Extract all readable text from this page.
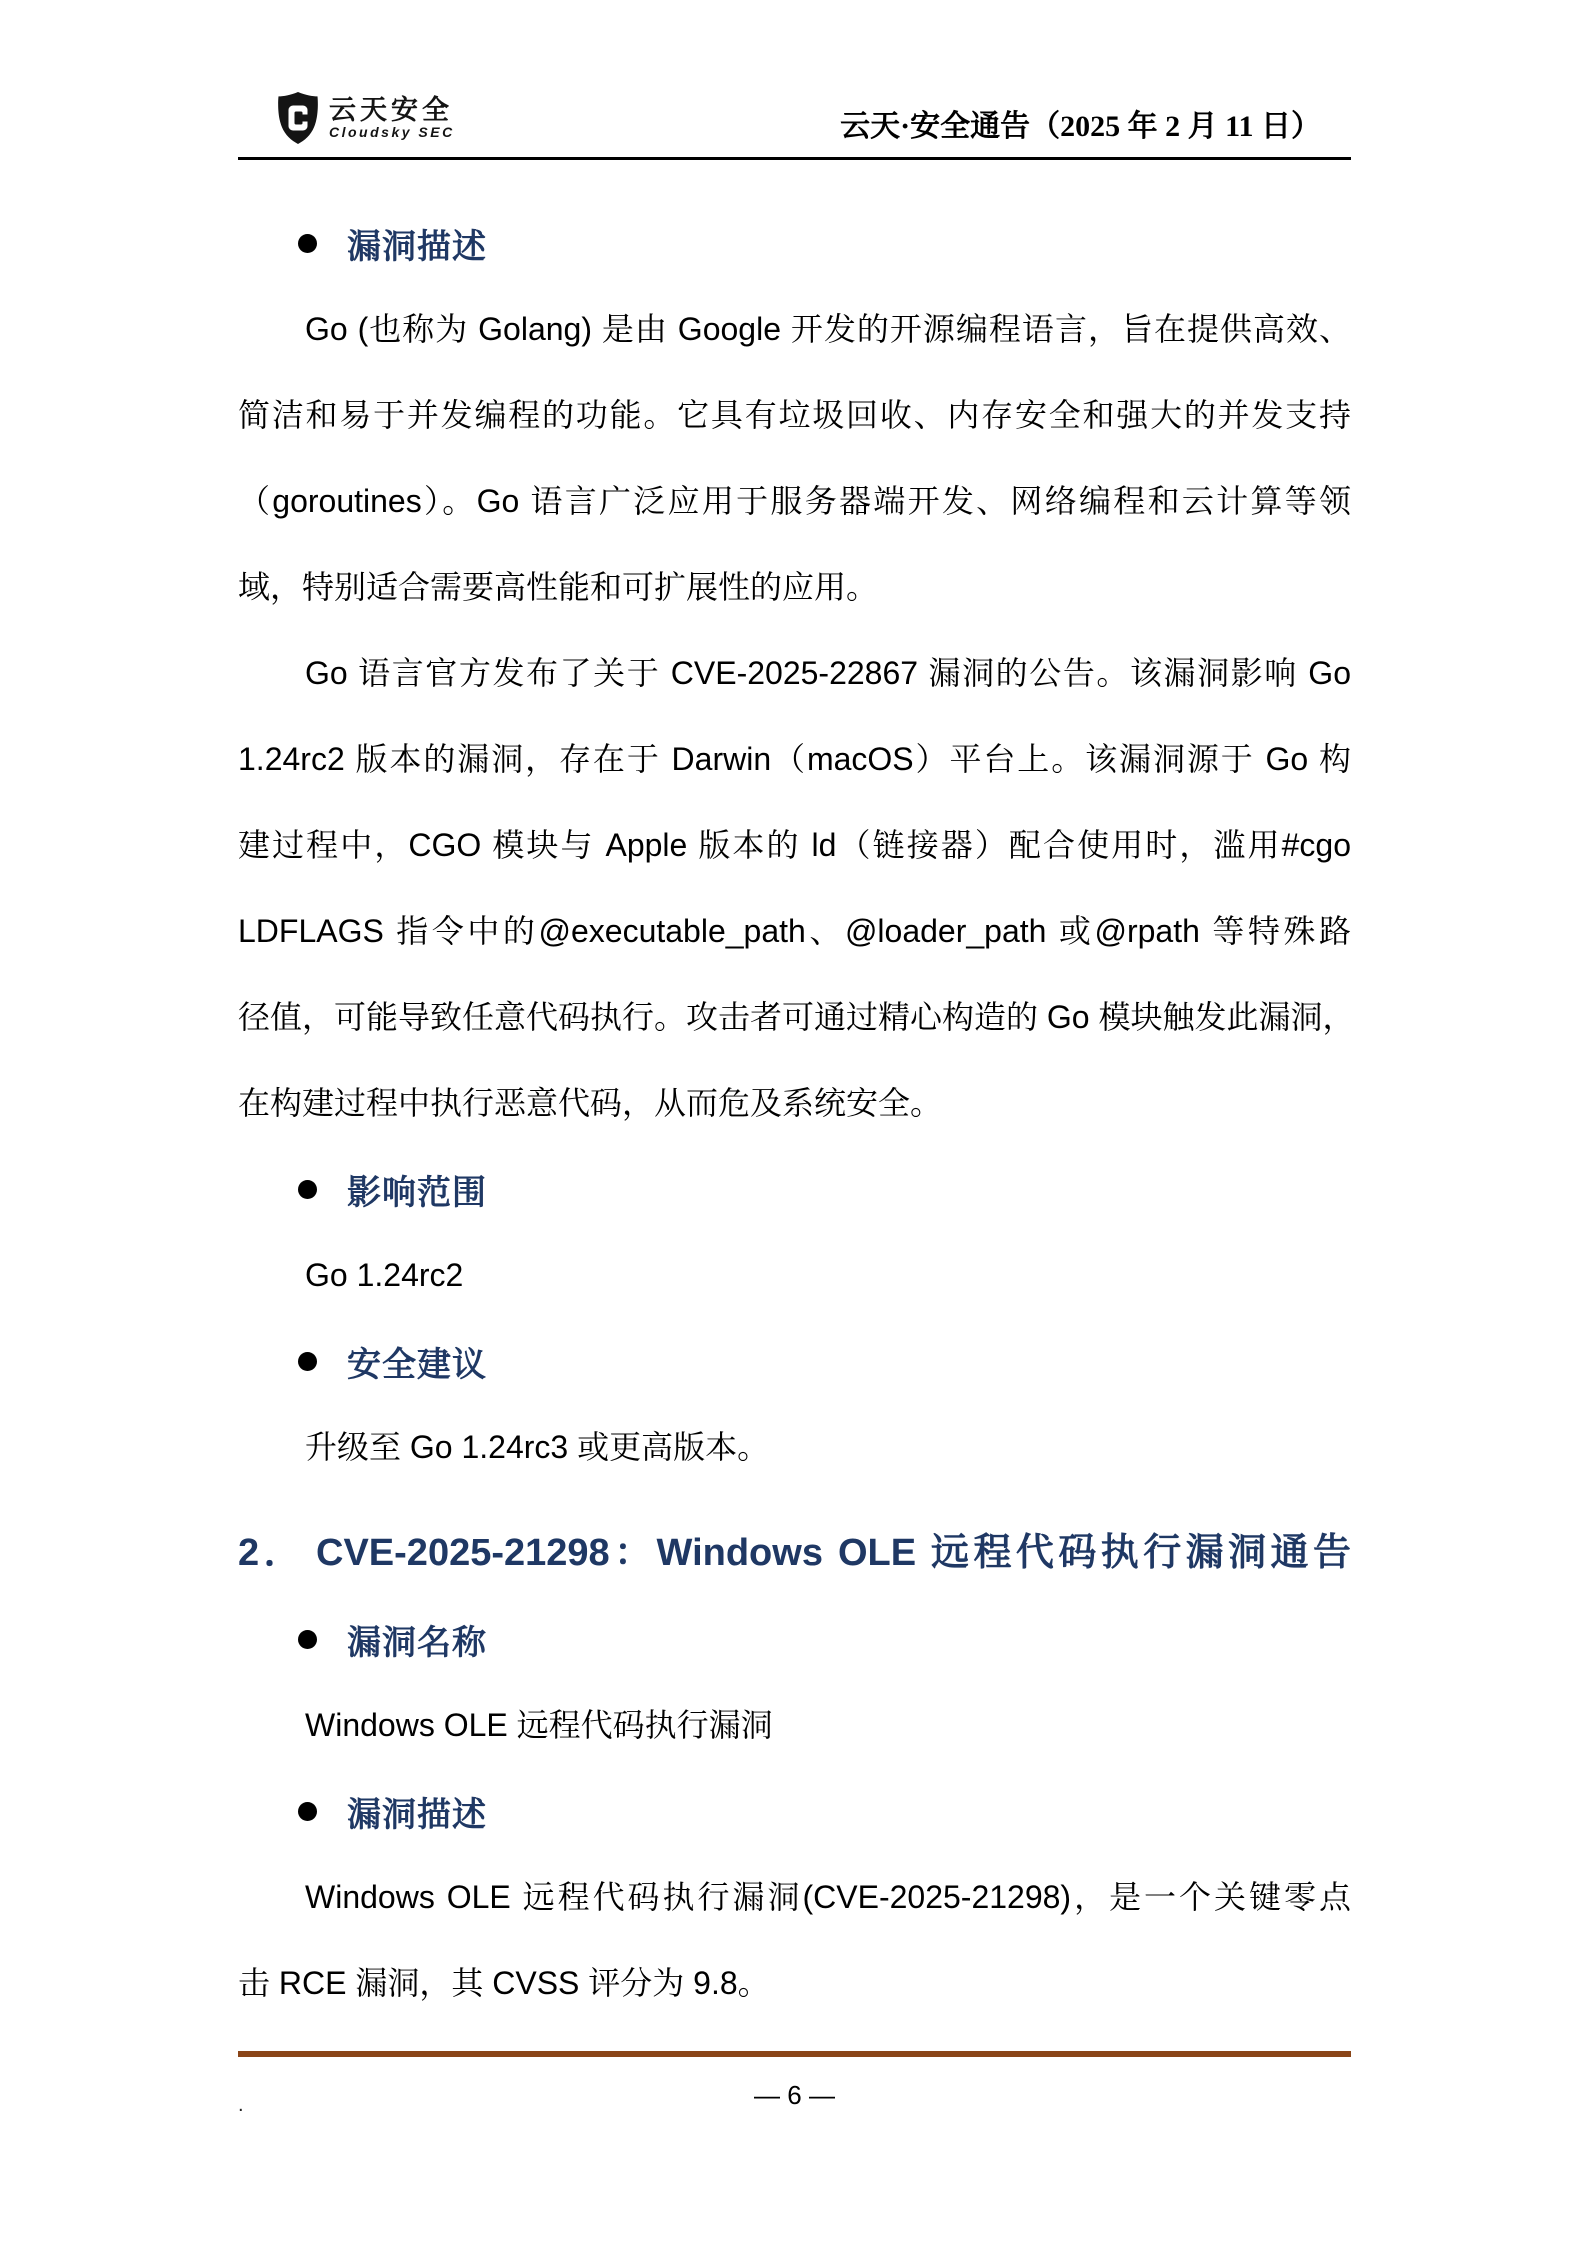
云天安全
Cloudsky SEC	云天·安全通告（2025 年 2 月 11 日）
漏洞描述
Go (也称为 Golang) 是由 Google 开发的开源编程语言，旨在提供高效、
简洁和易于并发编程的功能。它具有垃圾回收、内存安全和强大的并发支持
（goroutines）。Go 语言广泛应用于服务器端开发、网络编程和云计算等领
域，特别适合需要高性能和可扩展性的应用。
Go 语言官方发布了关于 CVE-2025-22867 漏洞的公告。该漏洞影响 Go
1.24rc2 版本的漏洞，存在于 Darwin（macOS）平台上。该漏洞源于 Go 构
建过程中，CGO 模块与 Apple 版本的 ld（链接器）配合使用时，滥用#cgo
LDFLAGS 指令中的@executable_path、@loader_path 或@rpath 等特殊路
径值，可能导致任意代码执行。攻击者可通过精心构造的 Go 模块触发此漏洞，
在构建过程中执行恶意代码，从而危及系统安全。
影响范围
Go 1.24rc2
安全建议
升级至 Go 1.24rc3 或更高版本。
2． CVE-2025-21298：Windows OLE 远程代码执行漏洞通告
漏洞名称
Windows OLE 远程代码执行漏洞
漏洞描述
Windows OLE 远程代码执行漏洞(CVE-2025-21298)，是一个关键零点
击 RCE 漏洞，其 CVSS 评分为 9.8。
— 6 —
.
